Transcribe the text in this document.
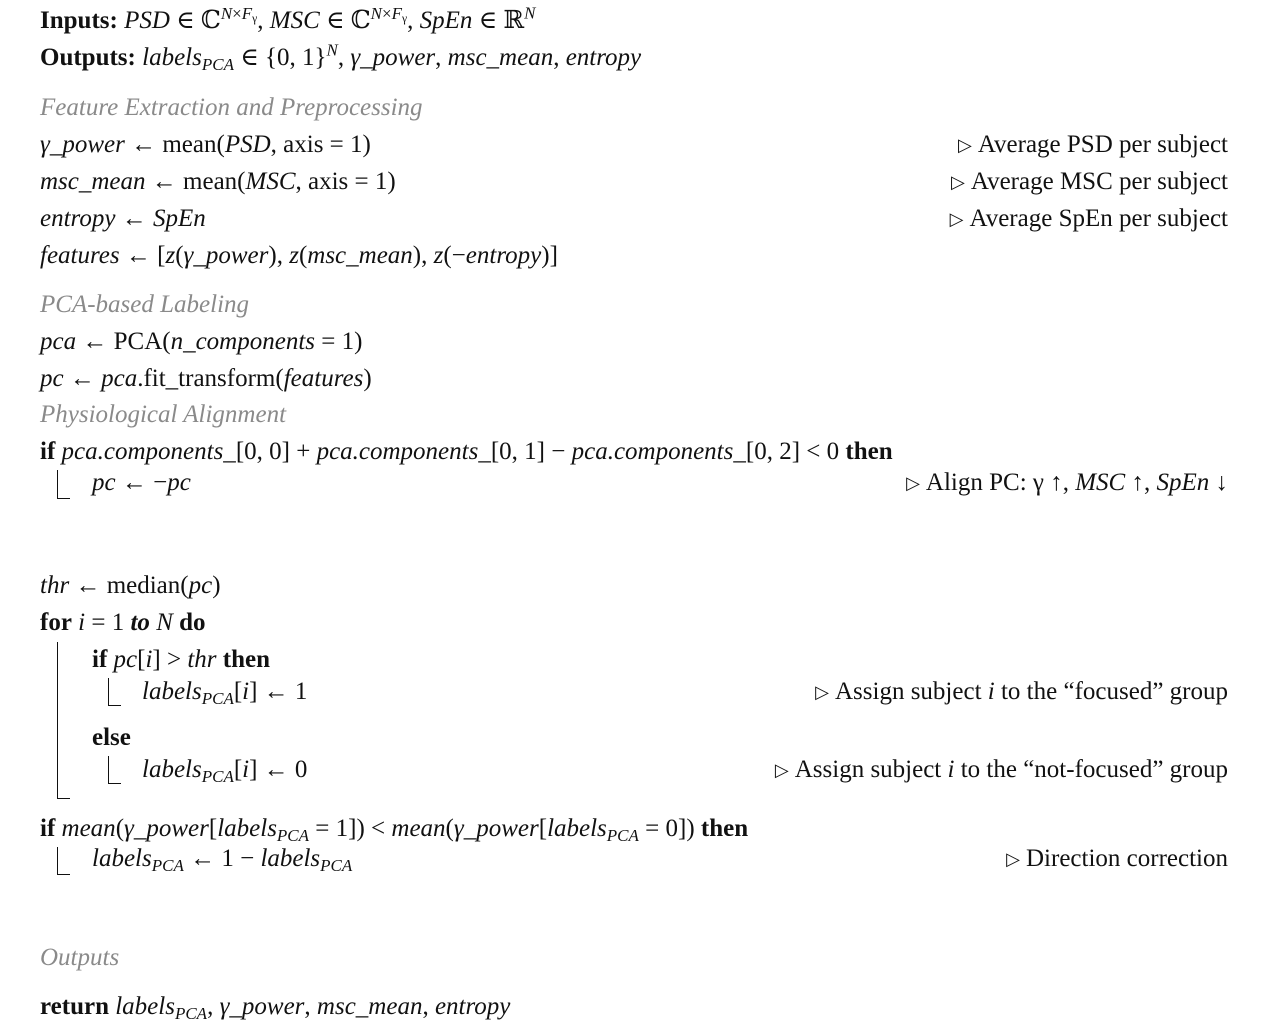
Inputs: PSD ∈ ℂ$^{N\times F_\gamma}$, MSC ∈ ℂ$^{N\times F_\gamma}$, SpEn ∈ ℝ$^N$
Outputs: labels$_{PCA}$ ∈ {0, 1}$^N$, γ_power, msc_mean, entropy
Feature Extraction and Preprocessing
γ_power ← mean(PSD, axis = 1)	▷ Average PSD per subject
msc_mean ← mean(MSC, axis = 1)	▷ Average MSC per subject
entropy ← SpEn	▷ Average SpEn per subject
features ← [z(γ_power), z(msc_mean), z(−entropy)]
PCA-based Labeling
pca ← PCA(n_components = 1)
pc ← pca.fit_transform(features)
Physiological Alignment
if pca.components_[0, 0] + pca.components_[0, 1] − pca.components_[0, 2] < 0 then
pc ← −pc	▷ Align PC: γ ↑, MSC ↑, SpEn ↓
thr ← median(pc)
for i = 1 to N do
if pc[i] > thr then
labels$_{PCA}$[i] ← 1	▷ Assign subject i to the “focused” group
else
labels$_{PCA}$[i] ← 0	▷ Assign subject i to the “not-focused” group
if mean(γ_power[labels$_{PCA}$ = 1]) < mean(γ_power[labels$_{PCA}$ = 0]) then
labels$_{PCA}$ ← 1 − labels$_{PCA}$	▷ Direction correction
Outputs
return labels$_{PCA}$, γ_power, msc_mean, entropy
